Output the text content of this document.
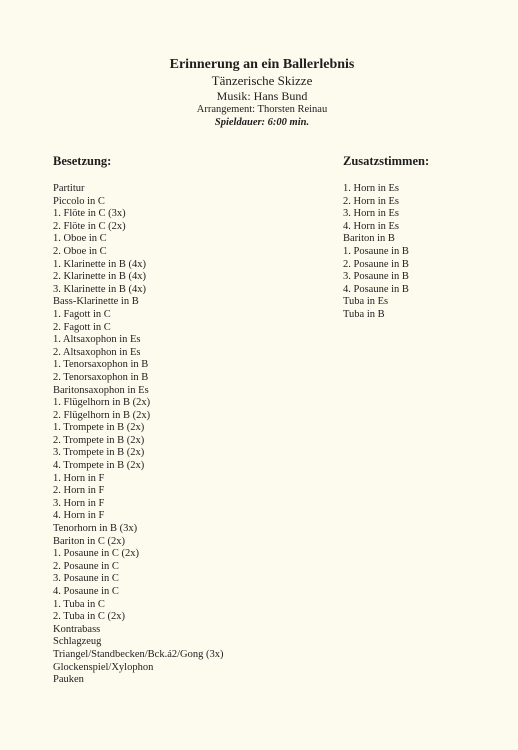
Erinnerung an ein Ballerlebnis
Tänzerische Skizze
Musik: Hans Bund
Arrangement: Thorsten Reinau
Spieldauer: 6:00 min.
Besetzung:
Partitur
Piccolo in C
1. Flöte in C (3x)
2. Flöte in C (2x)
1. Oboe in C
2. Oboe in C
1. Klarinette in B (4x)
2. Klarinette in B (4x)
3. Klarinette in B (4x)
Bass-Klarinette in B
1. Fagott in C
2. Fagott in C
1. Altsaxophon in Es
2. Altsaxophon in Es
1. Tenorsaxophon in B
2. Tenorsaxophon in B
Baritonsaxophon in Es
1. Flügelhorn in B (2x)
2. Flügelhorn in B (2x)
1. Trompete in B (2x)
2. Trompete in B (2x)
3. Trompete in B (2x)
4. Trompete in B (2x)
1. Horn in F
2. Horn in F
3. Horn in F
4. Horn in F
Tenorhorn in B (3x)
Bariton in C (2x)
1. Posaune in C (2x)
2. Posaune in C
3. Posaune in C
4. Posaune in C
1. Tuba in C
2. Tuba in C (2x)
Kontrabass
Schlagzeug
Triangel/Standbecken/Bck.á2/Gong (3x)
Glockenspiel/Xylophon
Pauken
Zusatzstimmen:
1. Horn in Es
2. Horn in Es
3. Horn in Es
4. Horn in Es
Bariton in B
1. Posaune in B
2. Posaune in B
3. Posaune in B
4. Posaune in B
Tuba in Es
Tuba in B
